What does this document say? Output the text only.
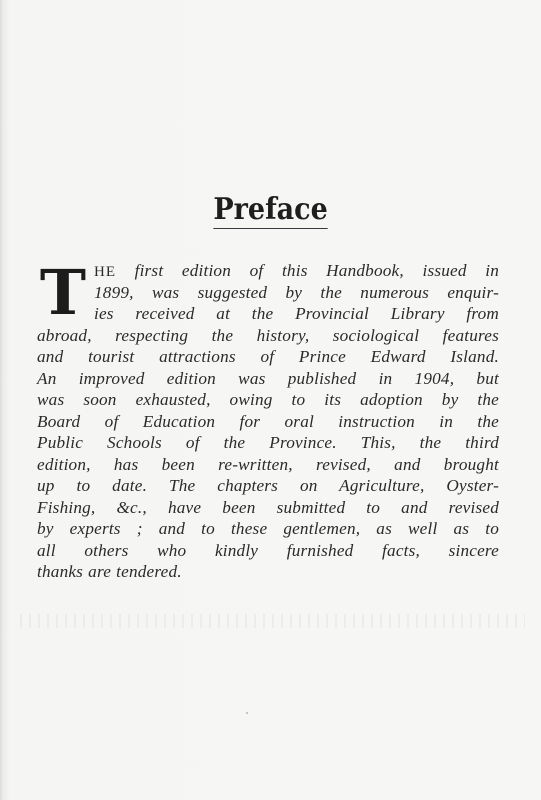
Preface
T HE first edition of this Handbook, issued in
1899, was suggested by the numerous enquir-
ies received at the Provincial Library from
abroad, respecting the history, sociological features
and tourist attractions of Prince Edward Island.
An improved edition was published in 1904, but
was soon exhausted, owing to its adoption by the
Board of Education for oral instruction in the
Public Schools of the Province. This, the third
edition, has been re-written, revised, and brought
up to date. The chapters on Agriculture, Oyster-
Fishing, &c., have been submitted to and revised
by experts ; and to these gentlemen, as well as to
all others who kindly furnished facts, sincere
thanks are tendered.
